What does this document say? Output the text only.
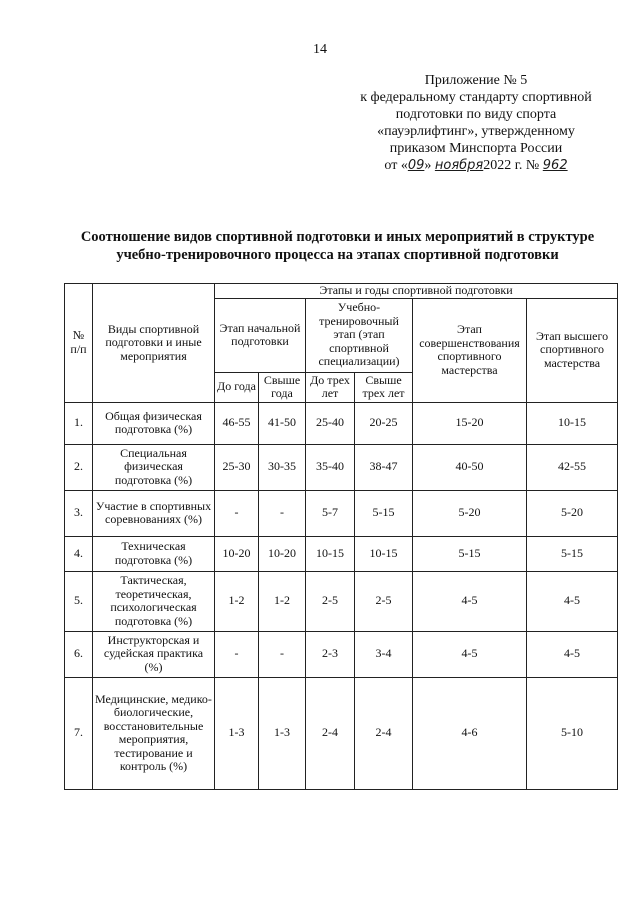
14
Приложение № 5
к федеральному стандарту спортивной
подготовки по виду спорта
«пауэрлифтинг», утвержденному
приказом Минспорта России
от «09» ноября2022 г. № 962
Соотношение видов спортивной подготовки и иных мероприятий в структуре
учебно-тренировочного процесса на этапах спортивной подготовки
№ п/п	Виды спортивной подготовки и иные мероприятия	Этапы и годы спортивной подготовки					
		Этап начальной подготовки		Учебно-тренировочный этап (этап спортивной специализации)		Этап совершенствования спортивного мастерства	Этап высшего спортивного мастерства
		До года	Свыше года	До трех лет	Свыше трех лет		
1.	Общая физическая подготовка (%)	46-55	41-50	25-40	20-25	15-20	10-15
2.	Специальная физическая подготовка (%)	25-30	30-35	35-40	38-47	40-50	42-55
3.	Участие в спортивных соревнованиях (%)	-	-	5-7	5-15	5-20	5-20
4.	Техническая подготовка (%)	10-20	10-20	10-15	10-15	5-15	5-15
5.	Тактическая, теоретическая, психологическая подготовка (%)	1-2	1-2	2-5	2-5	4-5	4-5
6.	Инструкторская и судейская практика (%)	-	-	2-3	3-4	4-5	4-5
7.	Медицинские, медико-биологические, восстановительные мероприятия, тестирование и контроль (%)	1-3	1-3	2-4	2-4	4-6	5-10
